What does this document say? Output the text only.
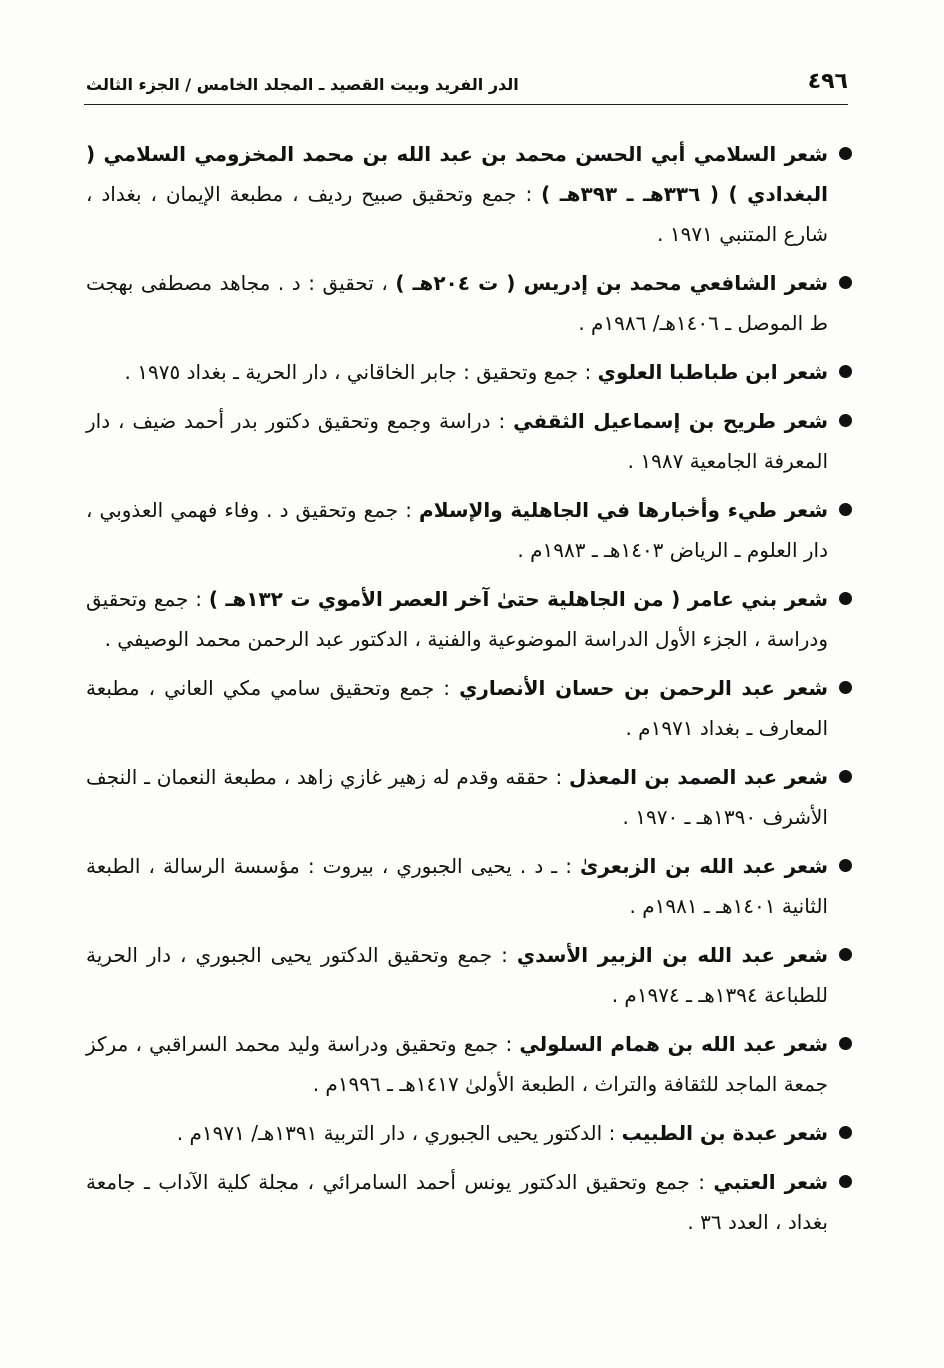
٤٩٦
الدر الفريد وبيت القصيد ـ المجلد الخامس / الجزء الثالث

شعر السلامي أبي الحسن محمد بن عبد الله بن محمد المخزومي السلامي ( البغدادي ) ( ٣٣٦هـ ـ ٣٩٣هـ ) : جمع وتحقيق صبيح رديف ، مطبعة الإيمان ، بغداد ، شارع المتنبي ١٩٧١ .

شعر الشافعي محمد بن إدريس ( ت ٢٠٤هـ ) ، تحقيق : د . مجاهد مصطفى بهجت ط الموصل ـ ١٤٠٦هـ/ ١٩٨٦م .

شعر ابن طباطبا العلوي : جمع وتحقيق : جابر الخاقاني ، دار الحرية ـ بغداد ١٩٧٥ .

شعر طريح بن إسماعيل الثقفي : دراسة وجمع وتحقيق دكتور بدر أحمد ضيف ، دار المعرفة الجامعية ١٩٨٧ .

شعر طيء وأخبارها في الجاهلية والإسلام : جمع وتحقيق د . وفاء فهمي العذوبي ، دار العلوم ـ الرياض ١٤٠٣هـ ـ ١٩٨٣م .

شعر بني عامر ( من الجاهلية حتىٰ آخر العصر الأموي ت ١٣٢هـ ) : جمع وتحقيق ودراسة ، الجزء الأول الدراسة الموضوعية والفنية ، الدكتور عبد الرحمن محمد الوصيفي .

شعر عبد الرحمن بن حسان الأنصاري : جمع وتحقيق سامي مكي العاني ، مطبعة المعارف ـ بغداد ١٩٧١م .

شعر عبد الصمد بن المعذل : حققه وقدم له زهير غازي زاهد ، مطبعة النعمان ـ النجف الأشرف ١٣٩٠هـ ـ ١٩٧٠ .

شعر عبد الله بن الزبعرىٰ : ـ د . يحيى الجبوري ، بيروت : مؤسسة الرسالة ، الطبعة الثانية ١٤٠١هـ ـ ١٩٨١م .

شعر عبد الله بن الزبير الأسدي : جمع وتحقيق الدكتور يحيى الجبوري ، دار الحرية للطباعة ١٣٩٤هـ ـ ١٩٧٤م .

شعر عبد الله بن همام السلولي : جمع وتحقيق ودراسة وليد محمد السراقبي ، مركز جمعة الماجد للثقافة والتراث ، الطبعة الأولىٰ ١٤١٧هـ ـ ١٩٩٦م .

شعر عبدة بن الطبيب : الدكتور يحيى الجبوري ، دار التربية ١٣٩١هـ/ ١٩٧١م .

شعر العتبي : جمع وتحقيق الدكتور يونس أحمد السامرائي ، مجلة كلية الآداب ـ جامعة بغداد ، العدد ٣٦ .
